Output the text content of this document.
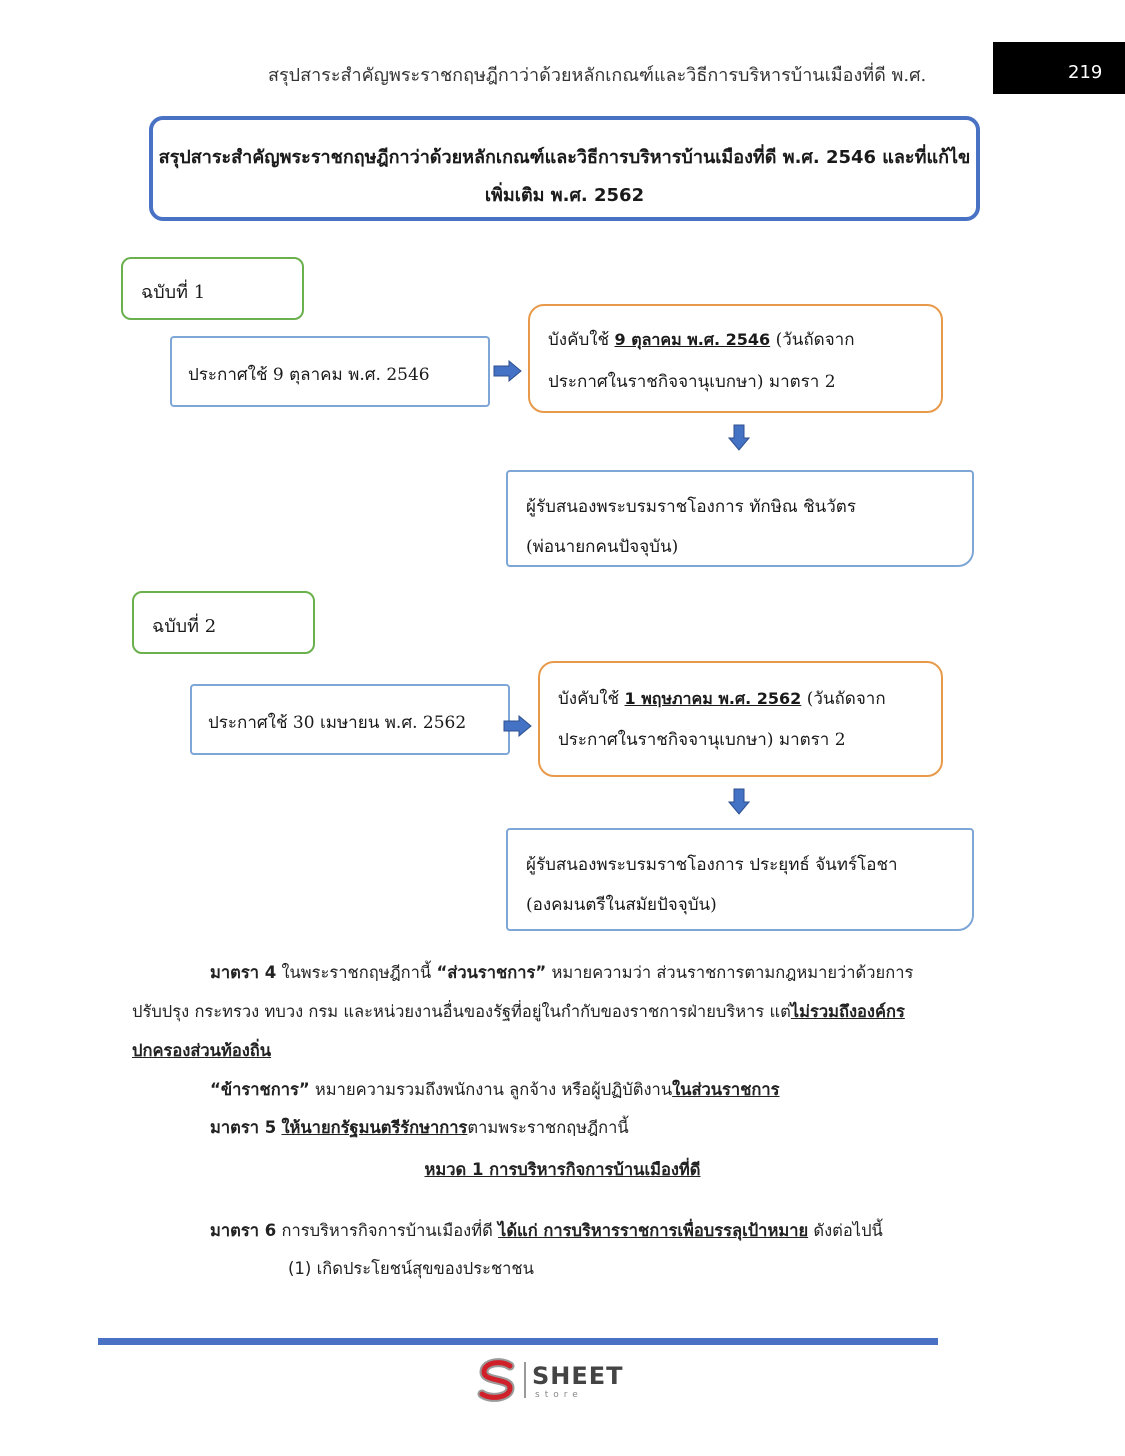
สรุปสาระสำคัญพระราชกฤษฎีกาว่าด้วยหลักเกณฑ์และวิธีการบริหารบ้านเมืองที่ดี พ.ศ.	219
สรุปสาระสำคัญพระราชกฤษฎีกาว่าด้วยหลักเกณฑ์และวิธีการบริหารบ้านเมืองที่ดี พ.ศ. 2546 และที่แก้ไข
เพิ่มเติม พ.ศ. 2562
ฉบับที่ 1
ประกาศใช้ 9 ตุลาคม พ.ศ. 2546
บังคับใช้ 9 ตุลาคม พ.ศ. 2546 (วันถัดจาก
ประกาศในราชกิจจานุเบกษา) มาตรา 2
ผู้รับสนองพระบรมราชโองการ ทักษิณ ชินวัตร
(พ่อนายกคนปัจจุบัน)
ฉบับที่ 2
ประกาศใช้ 30 เมษายน พ.ศ. 2562
บังคับใช้ 1 พฤษภาคม พ.ศ. 2562 (วันถัดจาก
ประกาศในราชกิจจานุเบกษา) มาตรา 2
ผู้รับสนองพระบรมราชโองการ ประยุทธ์ จันทร์โอชา
(องคมนตรีในสมัยปัจจุบัน)
มาตรา 4 ในพระราชกฤษฎีกานี้ “ส่วนราชการ” หมายความว่า ส่วนราชการตามกฎหมายว่าด้วยการ
ปรับปรุง กระทรวง ทบวง กรม และหน่วยงานอื่นของรัฐที่อยู่ในกำกับของราชการฝ่ายบริหาร แต่ไม่รวมถึงองค์กร
ปกครองส่วนท้องถิ่น
“ข้าราชการ” หมายความรวมถึงพนักงาน ลูกจ้าง หรือผู้ปฏิบัติงานในส่วนราชการ
มาตรา 5 ให้นายกรัฐมนตรีรักษาการตามพระราชกฤษฎีกานี้
หมวด 1 การบริหารกิจการบ้านเมืองที่ดี
มาตรา 6 การบริหารกิจการบ้านเมืองที่ดี ได้แก่ การบริหารราชการเพื่อบรรลุเป้าหมาย ดังต่อไปนี้
(1) เกิดประโยชน์สุขของประชาชน
SHEET
store
